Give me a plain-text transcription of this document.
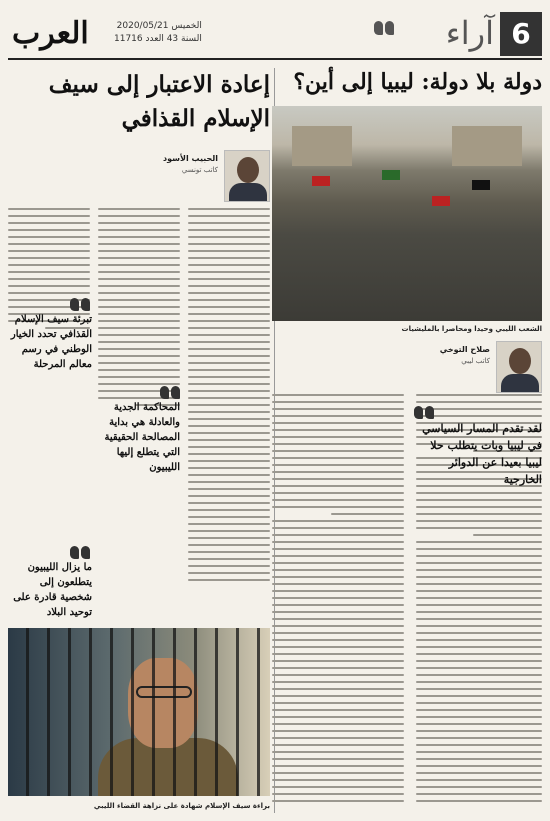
6
آراء
العرب	الخميس 2020/05/21
السنة 43 العدد 11716
دولة بلا دولة: ليبيا إلى أين؟
الشعب الليبي وحيدا ومحاصرا بالمليشيات
صلاح التوخي
كاتب ليبي
لقد تقدم المسار السياسي في ليبيا وبات يتطلب حلا ليبيا بعيدا عن الدوائر الخارجية
إعادة الاعتبار إلى سيف الإسلام القذافي
الحبيب الأسود
كاتب تونسي
تبرئة سيف الإسلام القذافي تحدد الخيار الوطني في رسم معالم المرحلة
المحاكمة الجدية والعادلة هي بداية المصالحة الحقيقية التي يتطلع إليها الليبيون
ما يزال الليبيون يتطلعون إلى شخصية قادرة على توحيد البلاد
براءة سيف الإسلام شهادة على نزاهة القضاء الليبي
